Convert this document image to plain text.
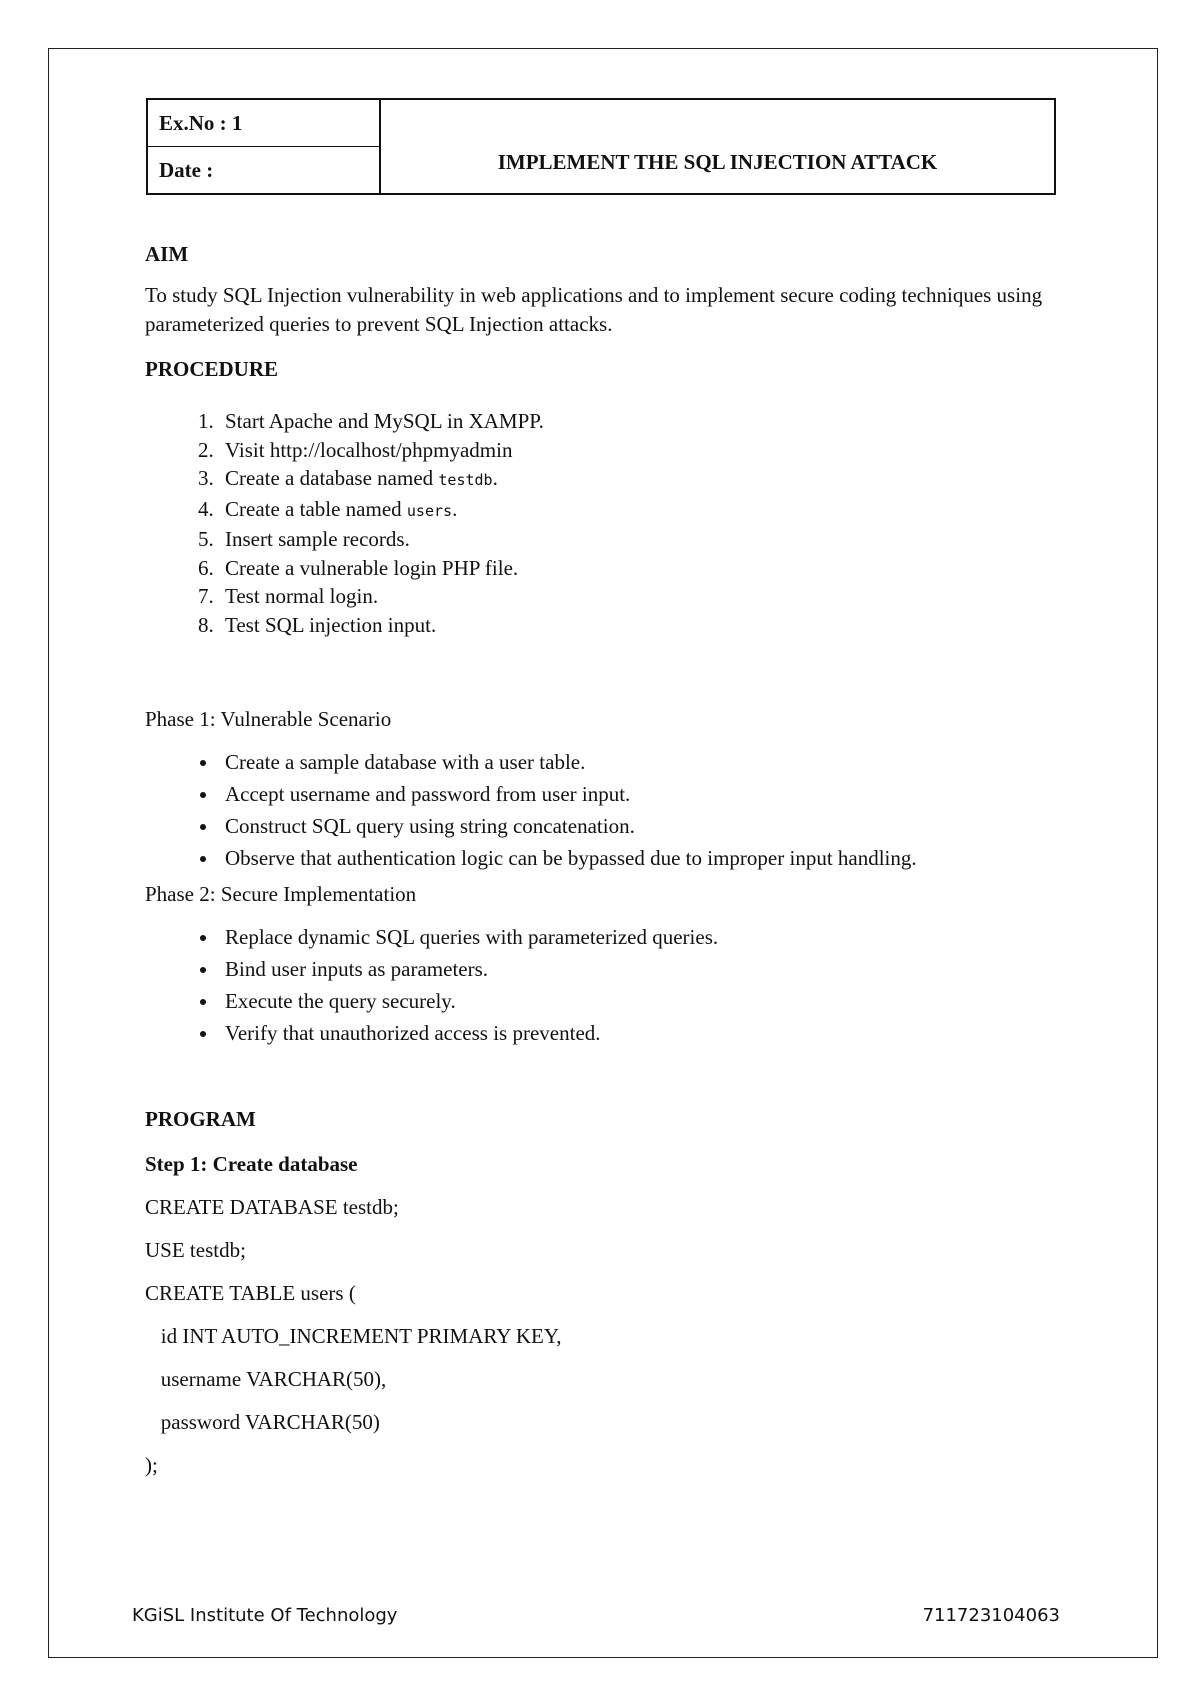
Ex.No : 1
Date :	IMPLEMENT THE SQL INJECTION ATTACK
AIM

To study SQL Injection vulnerability in web applications and to implement secure coding techniques using parameterized queries to prevent SQL Injection attacks.

PROCEDURE
1. Start Apache and MySQL in XAMPP.
2. Visit http://localhost/phpmyadmin
3. Create a database named testdb.
4. Create a table named users.
5. Insert sample records.
6. Create a vulnerable login PHP file.
7. Test normal login.
8. Test SQL injection input.
Phase 1: Vulnerable Scenario
• Create a sample database with a user table.
• Accept username and password from user input.
• Construct SQL query using string concatenation.
• Observe that authentication logic can be bypassed due to improper input handling.
Phase 2: Secure Implementation
• Replace dynamic SQL queries with parameterized queries.
• Bind user inputs as parameters.
• Execute the query securely.
• Verify that unauthorized access is prevented.
PROGRAM
Step 1: Create database
CREATE DATABASE testdb;
USE testdb;
CREATE TABLE users (
id INT AUTO_INCREMENT PRIMARY KEY,
username VARCHAR(50),
password VARCHAR(50)
);
KGiSL Institute Of Technology	711723104063
